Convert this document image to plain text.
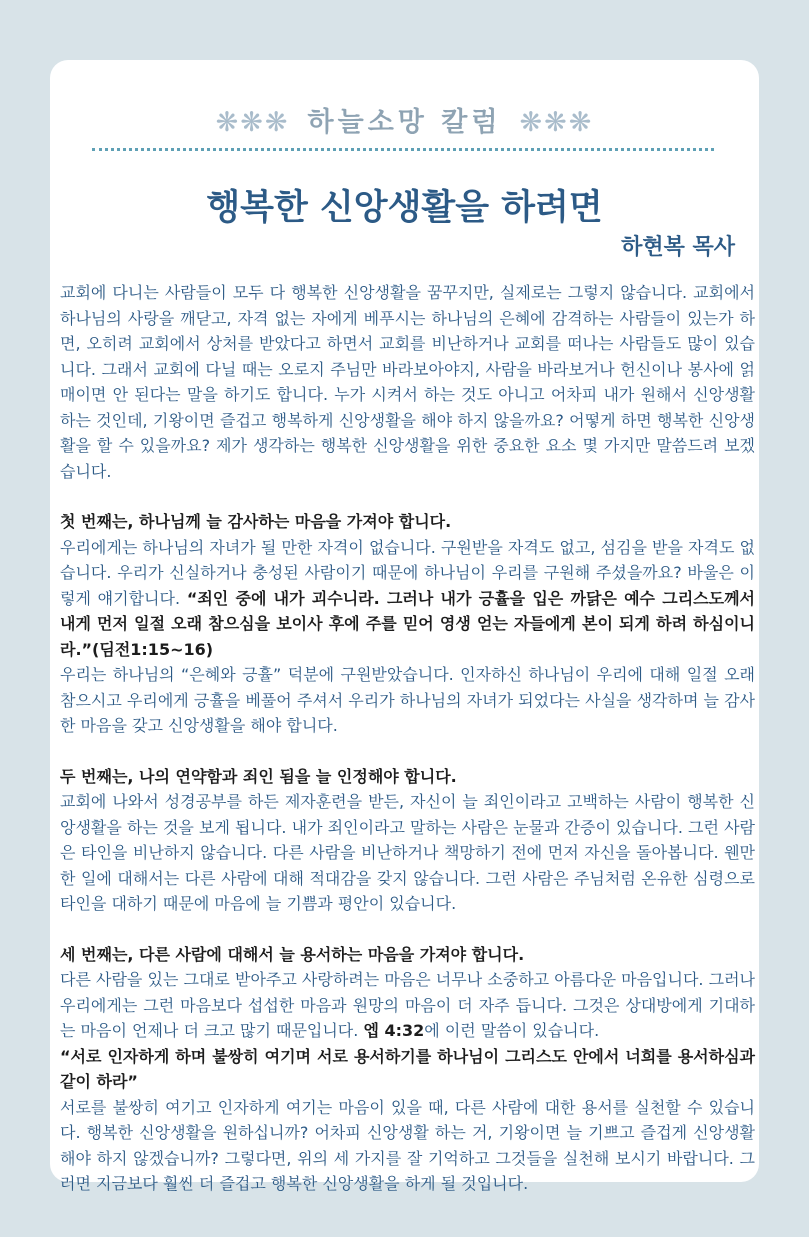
❋❋❋ 하늘소망 칼럼 ❋❋❋
행복한 신앙생활을 하려면
하현복 목사

교회에 다니는 사람들이 모두 다 행복한 신앙생활을 꿈꾸지만, 실제로는 그렇지 않습니다. 교회에서 하나님의 사랑을 깨닫고, 자격 없는 자에게 베푸시는 하나님의 은혜에 감격하는 사람들이 있는가 하면, 오히려 교회에서 상처를 받았다고 하면서 교회를 비난하거나 교회를 떠나는 사람들도 많이 있습니다. 그래서 교회에 다닐 때는 오로지 주님만 바라보아야지, 사람을 바라보거나 헌신이나 봉사에 얽매이면 안 된다는 말을 하기도 합니다. 누가 시켜서 하는 것도 아니고 어차피 내가 원해서 신앙생활 하는 것인데, 기왕이면 즐겁고 행복하게 신앙생활을 해야 하지 않을까요? 어떻게 하면 행복한 신앙생활을 할 수 있을까요? 제가 생각하는 행복한 신앙생활을 위한 중요한 요소 몇 가지만 말씀드려 보겠습니다.

첫 번째는, 하나님께 늘 감사하는 마음을 가져야 합니다.

우리에게는 하나님의 자녀가 될 만한 자격이 없습니다. 구원받을 자격도 없고, 섬김을 받을 자격도 없습니다. 우리가 신실하거나 충성된 사람이기 때문에 하나님이 우리를 구원해 주셨을까요? 바울은 이렇게 얘기합니다. “죄인 중에 내가 괴수니라. 그러나 내가 긍휼을 입은 까닭은 예수 그리스도께서 내게 먼저 일절 오래 참으심을 보이사 후에 주를 믿어 영생 얻는 자들에게 본이 되게 하려 하심이니라.”(딤전1:15~16)

우리는 하나님의 “은혜와 긍휼” 덕분에 구원받았습니다. 인자하신 하나님이 우리에 대해 일절 오래 참으시고 우리에게 긍휼을 베풀어 주셔서 우리가 하나님의 자녀가 되었다는 사실을 생각하며 늘 감사한 마음을 갖고 신앙생활을 해야 합니다.

두 번째는, 나의 연약함과 죄인 됨을 늘 인정해야 합니다.

교회에 나와서 성경공부를 하든 제자훈련을 받든, 자신이 늘 죄인이라고 고백하는 사람이 행복한 신앙생활을 하는 것을 보게 됩니다. 내가 죄인이라고 말하는 사람은 눈물과 간증이 있습니다. 그런 사람은 타인을 비난하지 않습니다. 다른 사람을 비난하거나 책망하기 전에 먼저 자신을 돌아봅니다. 웬만한 일에 대해서는 다른 사람에 대해 적대감을 갖지 않습니다. 그런 사람은 주님처럼 온유한 심령으로 타인을 대하기 때문에 마음에 늘 기쁨과 평안이 있습니다.

세 번째는, 다른 사람에 대해서 늘 용서하는 마음을 가져야 합니다.

다른 사람을 있는 그대로 받아주고 사랑하려는 마음은 너무나 소중하고 아름다운 마음입니다. 그러나 우리에게는 그런 마음보다 섭섭한 마음과 원망의 마음이 더 자주 듭니다. 그것은 상대방에게 기대하는 마음이 언제나 더 크고 많기 때문입니다. 엡 4:32에 이런 말씀이 있습니다.

“서로 인자하게 하며 불쌍히 여기며 서로 용서하기를 하나님이 그리스도 안에서 너희를 용서하심과 같이 하라”

서로를 불쌍히 여기고 인자하게 여기는 마음이 있을 때, 다른 사람에 대한 용서를 실천할 수 있습니다. 행복한 신앙생활을 원하십니까? 어차피 신앙생활 하는 거, 기왕이면 늘 기쁘고 즐겁게 신앙생활 해야 하지 않겠습니까? 그렇다면, 위의 세 가지를 잘 기억하고 그것들을 실천해 보시기 바랍니다. 그러면 지금보다 훨씬 더 즐겁고 행복한 신앙생활을 하게 될 것입니다.
